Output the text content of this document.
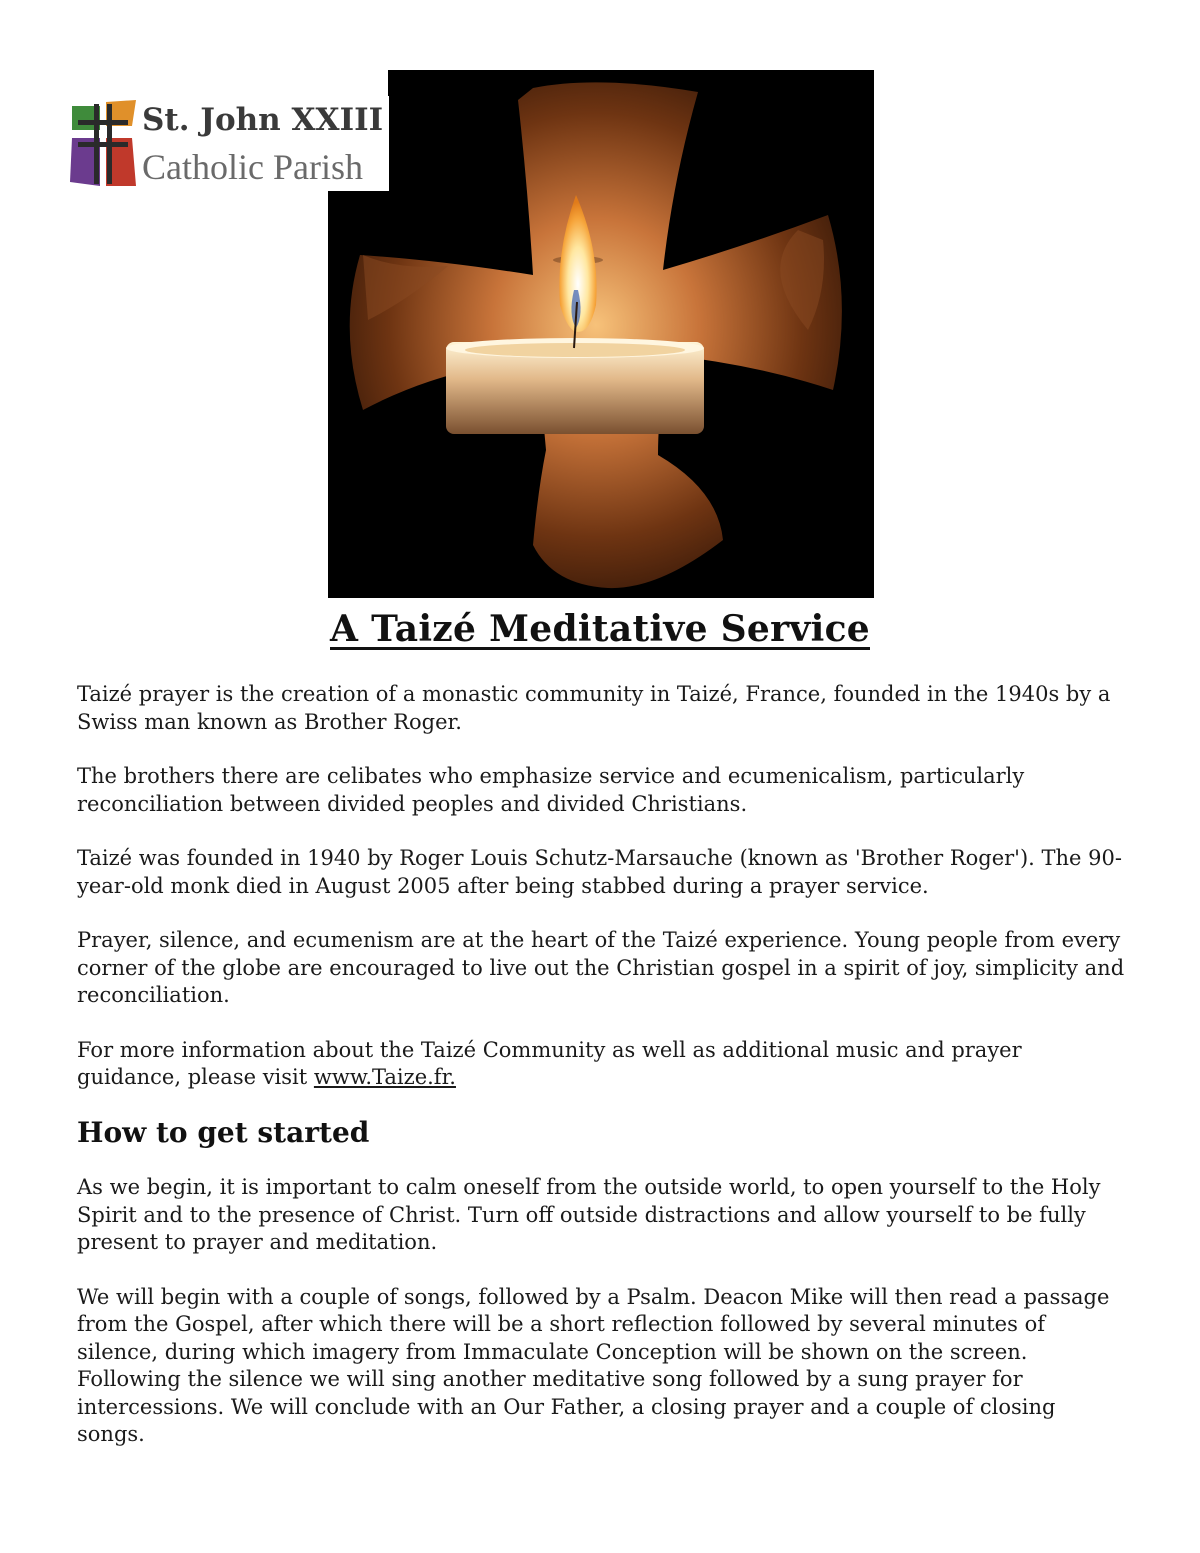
St. John XXIII
Catholic Parish
A Taizé Meditative Service

Taizé prayer is the creation of a monastic community in Taizé, France, founded in the 1940s by a Swiss man known as Brother Roger.

The brothers there are celibates who emphasize service and ecumenicalism, particularly reconciliation between divided peoples and divided Christians.

Taizé was founded in 1940 by Roger Louis Schutz-Marsauche (known as 'Brother Roger'). The 90-year-old monk died in August 2005 after being stabbed during a prayer service.

Prayer, silence, and ecumenism are at the heart of the Taizé experience. Young people from every corner of the globe are encouraged to live out the Christian gospel in a spirit of joy, simplicity and reconciliation.

For more information about the Taizé Community as well as additional music and prayer guidance, please visit www.Taize.fr.

How to get started

As we begin, it is important to calm oneself from the outside world, to open yourself to the Holy Spirit and to the presence of Christ. Turn off outside distractions and allow yourself to be fully present to prayer and meditation.

We will begin with a couple of songs, followed by a Psalm. Deacon Mike will then read a passage from the Gospel, after which there will be a short reflection followed by several minutes of silence, during which imagery from Immaculate Conception will be shown on the screen. Following the silence we will sing another meditative song followed by a sung prayer for intercessions. We will conclude with an Our Father, a closing prayer and a couple of closing songs.
